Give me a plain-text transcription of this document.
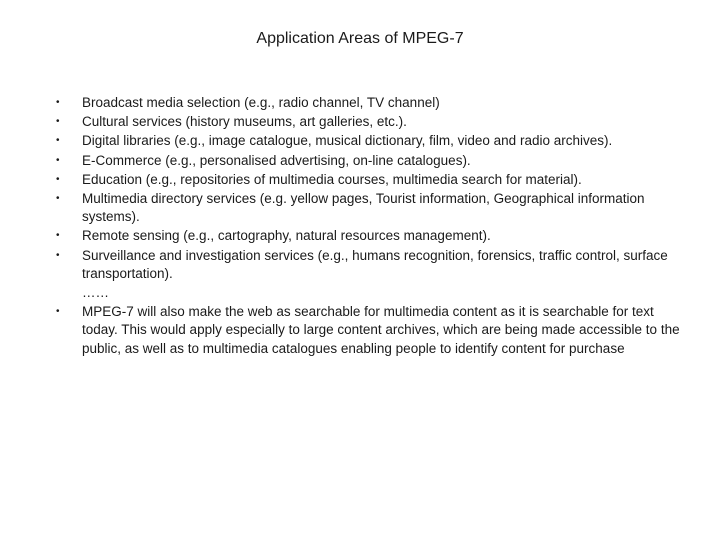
Application Areas of MPEG-7
•	Broadcast media selection (e.g., radio channel, TV channel)
•	Cultural services (history museums, art galleries, etc.).
•	Digital libraries (e.g., image catalogue, musical dictionary, film, video and radio archives).
•	E-Commerce (e.g., personalised advertising, on-line catalogues).
•	Education (e.g., repositories of multimedia courses, multimedia search for material).
•	Multimedia directory services (e.g. yellow pages, Tourist information, Geographical information systems).
•	Remote sensing (e.g., cartography, natural resources management).
•	Surveillance and investigation services (e.g., humans recognition, forensics, traffic control, surface transportation).
……
•	MPEG-7 will also make the web as searchable for multimedia content as it is searchable for text today. This would apply especially to large content archives, which are being made accessible to the public, as well as to multimedia catalogues enabling people to identify content for purchase
